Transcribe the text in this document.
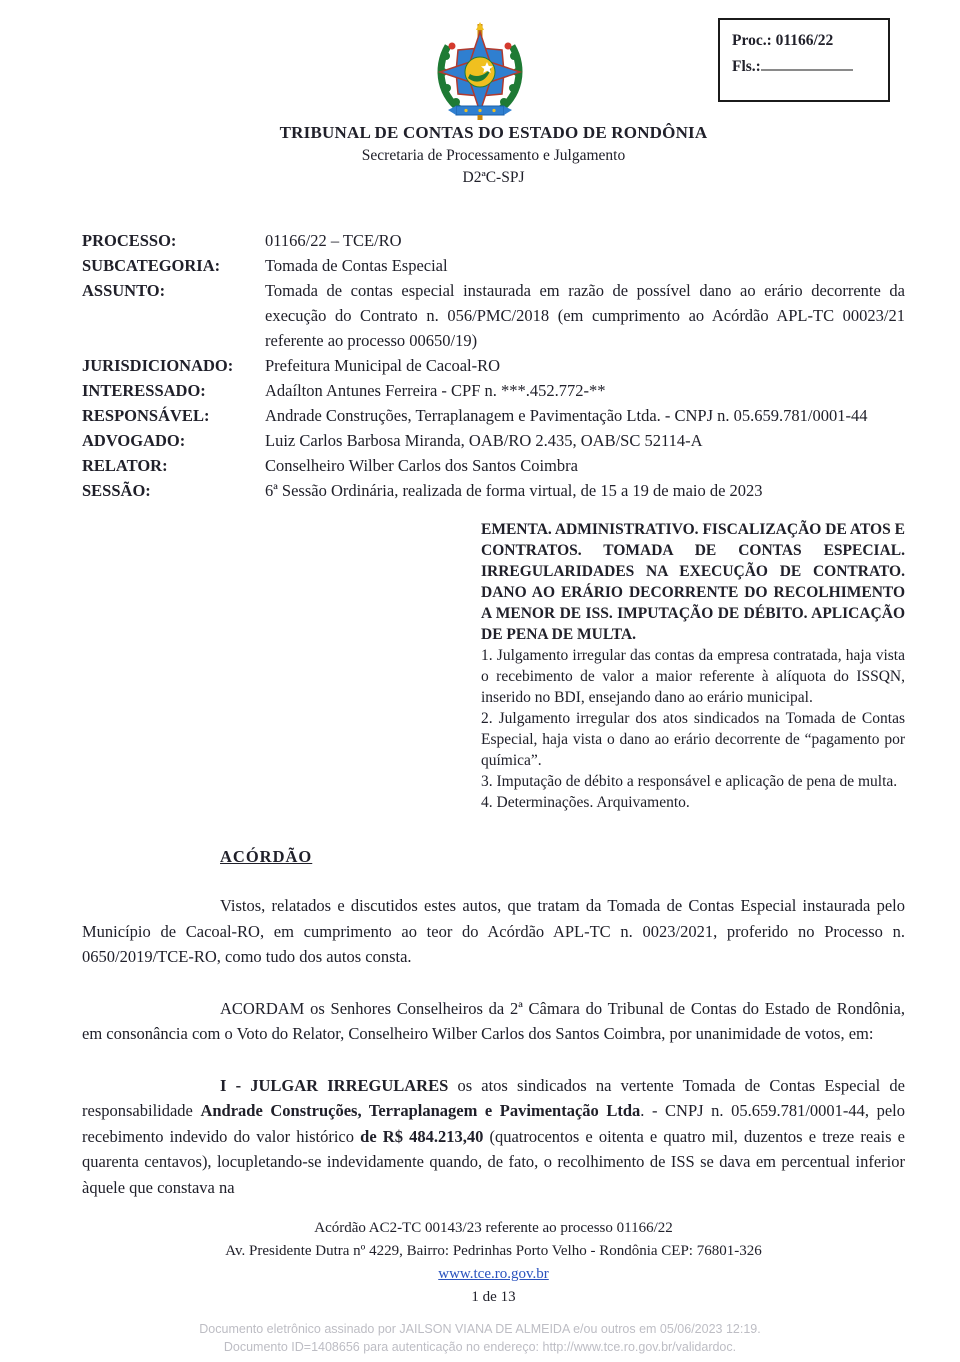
Proc.: 01166/22
Fls.:
TRIBUNAL DE CONTAS DO ESTADO DE RONDÔNIA
Secretaria de Processamento e Julgamento
D2ªC-SPJ
PROCESSO:	01166/22 – TCE/RO
SUBCATEGORIA:	Tomada de Contas Especial
ASSUNTO:	Tomada de contas especial instaurada em razão de possível dano ao erário decorrente da execução do Contrato n. 056/PMC/2018 (em cumprimento ao Acórdão APL-TC 00023/21 referente ao processo 00650/19)
JURISDICIONADO:	Prefeitura Municipal de Cacoal-RO
INTERESSADO:	Adaílton Antunes Ferreira - CPF n. ***.452.772-**
RESPONSÁVEL:	Andrade Construções, Terraplanagem e Pavimentação Ltda. - CNPJ n. 05.659.781/0001-44
ADVOGADO:	Luiz Carlos Barbosa Miranda, OAB/RO 2.435, OAB/SC 52114-A
RELATOR:	Conselheiro Wilber Carlos dos Santos Coimbra
SESSÃO:	6ª Sessão Ordinária, realizada de forma virtual, de 15 a 19 de maio de 2023
EMENTA. ADMINISTRATIVO. FISCALIZAÇÃO DE ATOS E CONTRATOS. TOMADA DE CONTAS ESPECIAL. IRREGULARIDADES NA EXECUÇÃO DE CONTRATO. DANO AO ERÁRIO DECORRENTE DO RECOLHIMENTO A MENOR DE ISS. IMPUTAÇÃO DE DÉBITO. APLICAÇÃO DE PENA DE MULTA.
1. Julgamento irregular das contas da empresa contratada, haja vista o recebimento de valor a maior referente à alíquota do ISSQN, inserido no BDI, ensejando dano ao erário municipal.
2. Julgamento irregular dos atos sindicados na Tomada de Contas Especial, haja vista o dano ao erário decorrente de “pagamento por química”.
3. Imputação de débito a responsável e aplicação de pena de multa.
4. Determinações. Arquivamento.
ACÓRDÃO

Vistos, relatados e discutidos estes autos, que tratam da Tomada de Contas Especial instaurada pelo Município de Cacoal-RO, em cumprimento ao teor do Acórdão APL-TC n. 0023/2021, proferido no Processo n. 0650/2019/TCE-RO, como tudo dos autos consta.

ACORDAM os Senhores Conselheiros da 2ª Câmara do Tribunal de Contas do Estado de Rondônia, em consonância com o Voto do Relator, Conselheiro Wilber Carlos dos Santos Coimbra, por unanimidade de votos, em:

I - JULGAR IRREGULARES os atos sindicados na vertente Tomada de Contas Especial de responsabilidade Andrade Construções, Terraplanagem e Pavimentação Ltda. - CNPJ n. 05.659.781/0001-44, pelo recebimento indevido do valor histórico de R$ 484.213,40 (quatrocentos e oitenta e quatro mil, duzentos e treze reais e quarenta centavos), locupletando-se indevidamente quando, de fato, o recolhimento de ISS se dava em percentual inferior àquele que constava na

Acórdão AC2-TC 00143/23 referente ao processo 01166/22
Av. Presidente Dutra nº 4229, Bairro: Pedrinhas Porto Velho - Rondônia CEP: 76801-326
www.tce.ro.gov.br
1 de 13
Documento eletrônico assinado por JAILSON VIANA DE ALMEIDA e/ou outros em 05/06/2023 12:19.
Documento ID=1408656 para autenticação no endereço: http://www.tce.ro.gov.br/validardoc.
